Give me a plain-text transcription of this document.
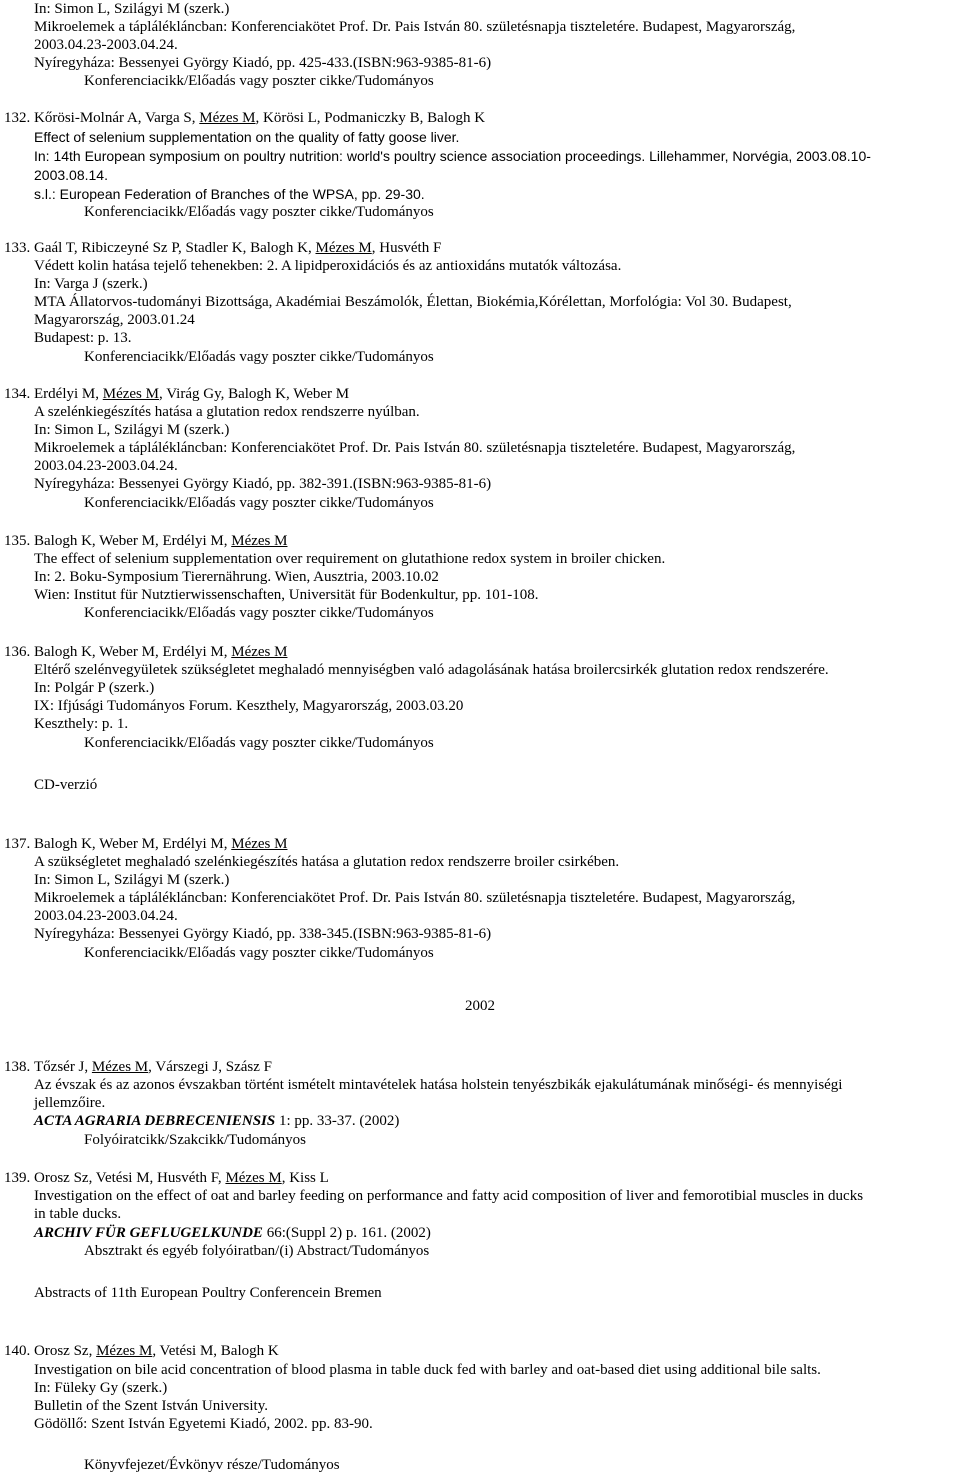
In: Simon L, Szilágyi M (szerk.)
Mikroelemek a táplálékláncban: Konferenciakötet Prof. Dr. Pais István 80. születésnapja tiszteletére. Budapest, Magyarország,
2003.04.23-2003.04.24.
Nyíregyháza: Bessenyei György Kiadó, pp. 425-433.(ISBN:963-9385-81-6)
Konferenciacikk/Előadás vagy poszter cikke/Tudományos
132. Kőrösi-Molnár A, Varga S, Mézes M, Körösi L, Podmaniczky B, Balogh K
Effect of selenium supplementation on the quality of fatty goose liver.
In: 14th European symposium on poultry nutrition: world's poultry science association proceedings. Lillehammer, Norvégia, 2003.08.10-
2003.08.14.
s.l.: European Federation of Branches of the WPSA, pp. 29-30.
Konferenciacikk/Előadás vagy poszter cikke/Tudományos
133. Gaál T, Ribiczeyné Sz P, Stadler K, Balogh K, Mézes M, Husvéth F
Védett kolin hatása tejelő tehenekben: 2. A lipidperoxidációs és az antioxidáns mutatók változása.
In: Varga J (szerk.)
MTA Állatorvos-tudományi Bizottsága, Akadémiai Beszámolók, Élettan, Biokémia,Kórélettan, Morfológia: Vol 30. Budapest,
Magyarország, 2003.01.24
Budapest: p. 13.
Konferenciacikk/Előadás vagy poszter cikke/Tudományos
134. Erdélyi M, Mézes M, Virág Gy, Balogh K, Weber M
A szelénkiegészítés hatása a glutation redox rendszerre nyúlban.
In: Simon L, Szilágyi M (szerk.)
Mikroelemek a táplálékláncban: Konferenciakötet Prof. Dr. Pais István 80. születésnapja tiszteletére. Budapest, Magyarország,
2003.04.23-2003.04.24.
Nyíregyháza: Bessenyei György Kiadó, pp. 382-391.(ISBN:963-9385-81-6)
Konferenciacikk/Előadás vagy poszter cikke/Tudományos
135. Balogh K, Weber M, Erdélyi M, Mézes M
The effect of selenium supplementation over requirement on glutathione redox system in broiler chicken.
In: 2. Boku-Symposium Tierernährung. Wien, Ausztria, 2003.10.02
Wien: Institut für Nutztierwissenschaften, Universität für Bodenkultur, pp. 101-108.
Konferenciacikk/Előadás vagy poszter cikke/Tudományos
136. Balogh K, Weber M, Erdélyi M, Mézes M
Eltérő szelénvegyületek szükségletet meghaladó mennyiségben való adagolásának hatása broilercsirkék glutation redox rendszerére.
In: Polgár P (szerk.)
IX: Ifjúsági Tudományos Forum. Keszthely, Magyarország, 2003.03.20
Keszthely: p. 1.
Konferenciacikk/Előadás vagy poszter cikke/Tudományos
CD-verzió
137. Balogh K, Weber M, Erdélyi M, Mézes M
A szükségletet meghaladó szelénkiegészítés hatása a glutation redox rendszerre broiler csirkében.
In: Simon L, Szilágyi M (szerk.)
Mikroelemek a táplálékláncban: Konferenciakötet Prof. Dr. Pais István 80. születésnapja tiszteletére. Budapest, Magyarország,
2003.04.23-2003.04.24.
Nyíregyháza: Bessenyei György Kiadó, pp. 338-345.(ISBN:963-9385-81-6)
Konferenciacikk/Előadás vagy poszter cikke/Tudományos
2002
138. Tőzsér J, Mézes M, Várszegi J, Szász F
Az évszak és az azonos évszakban történt ismételt mintavételek hatása holstein tenyészbikák ejakulátumának minőségi- és mennyiségi
jellemzőire.
ACTA AGRARIA DEBRECENIENSIS 1: pp. 33-37. (2002)
Folyóiratcikk/Szakcikk/Tudományos
139. Orosz Sz, Vetési M, Husvéth F, Mézes M, Kiss L
Investigation on the effect of oat and barley feeding on performance and fatty acid composition of liver and femorotibial muscles in ducks
in table ducks.
ARCHIV FÜR GEFLUGELKUNDE 66:(Suppl 2) p. 161. (2002)
Absztrakt és egyéb folyóiratban/(i) Abstract/Tudományos
Abstracts of 11th European Poultry Conferencein Bremen
140. Orosz Sz, Mézes M, Vetési M, Balogh K
Investigation on bile acid concentration of blood plasma in table duck fed with barley and oat-based diet using additional bile salts.
In: Füleky Gy (szerk.)
Bulletin of the Szent István University.
Gödöllő: Szent István Egyetemi Kiadó, 2002. pp. 83-90.
Könyvfejezet/Évkönyv része/Tudományos
